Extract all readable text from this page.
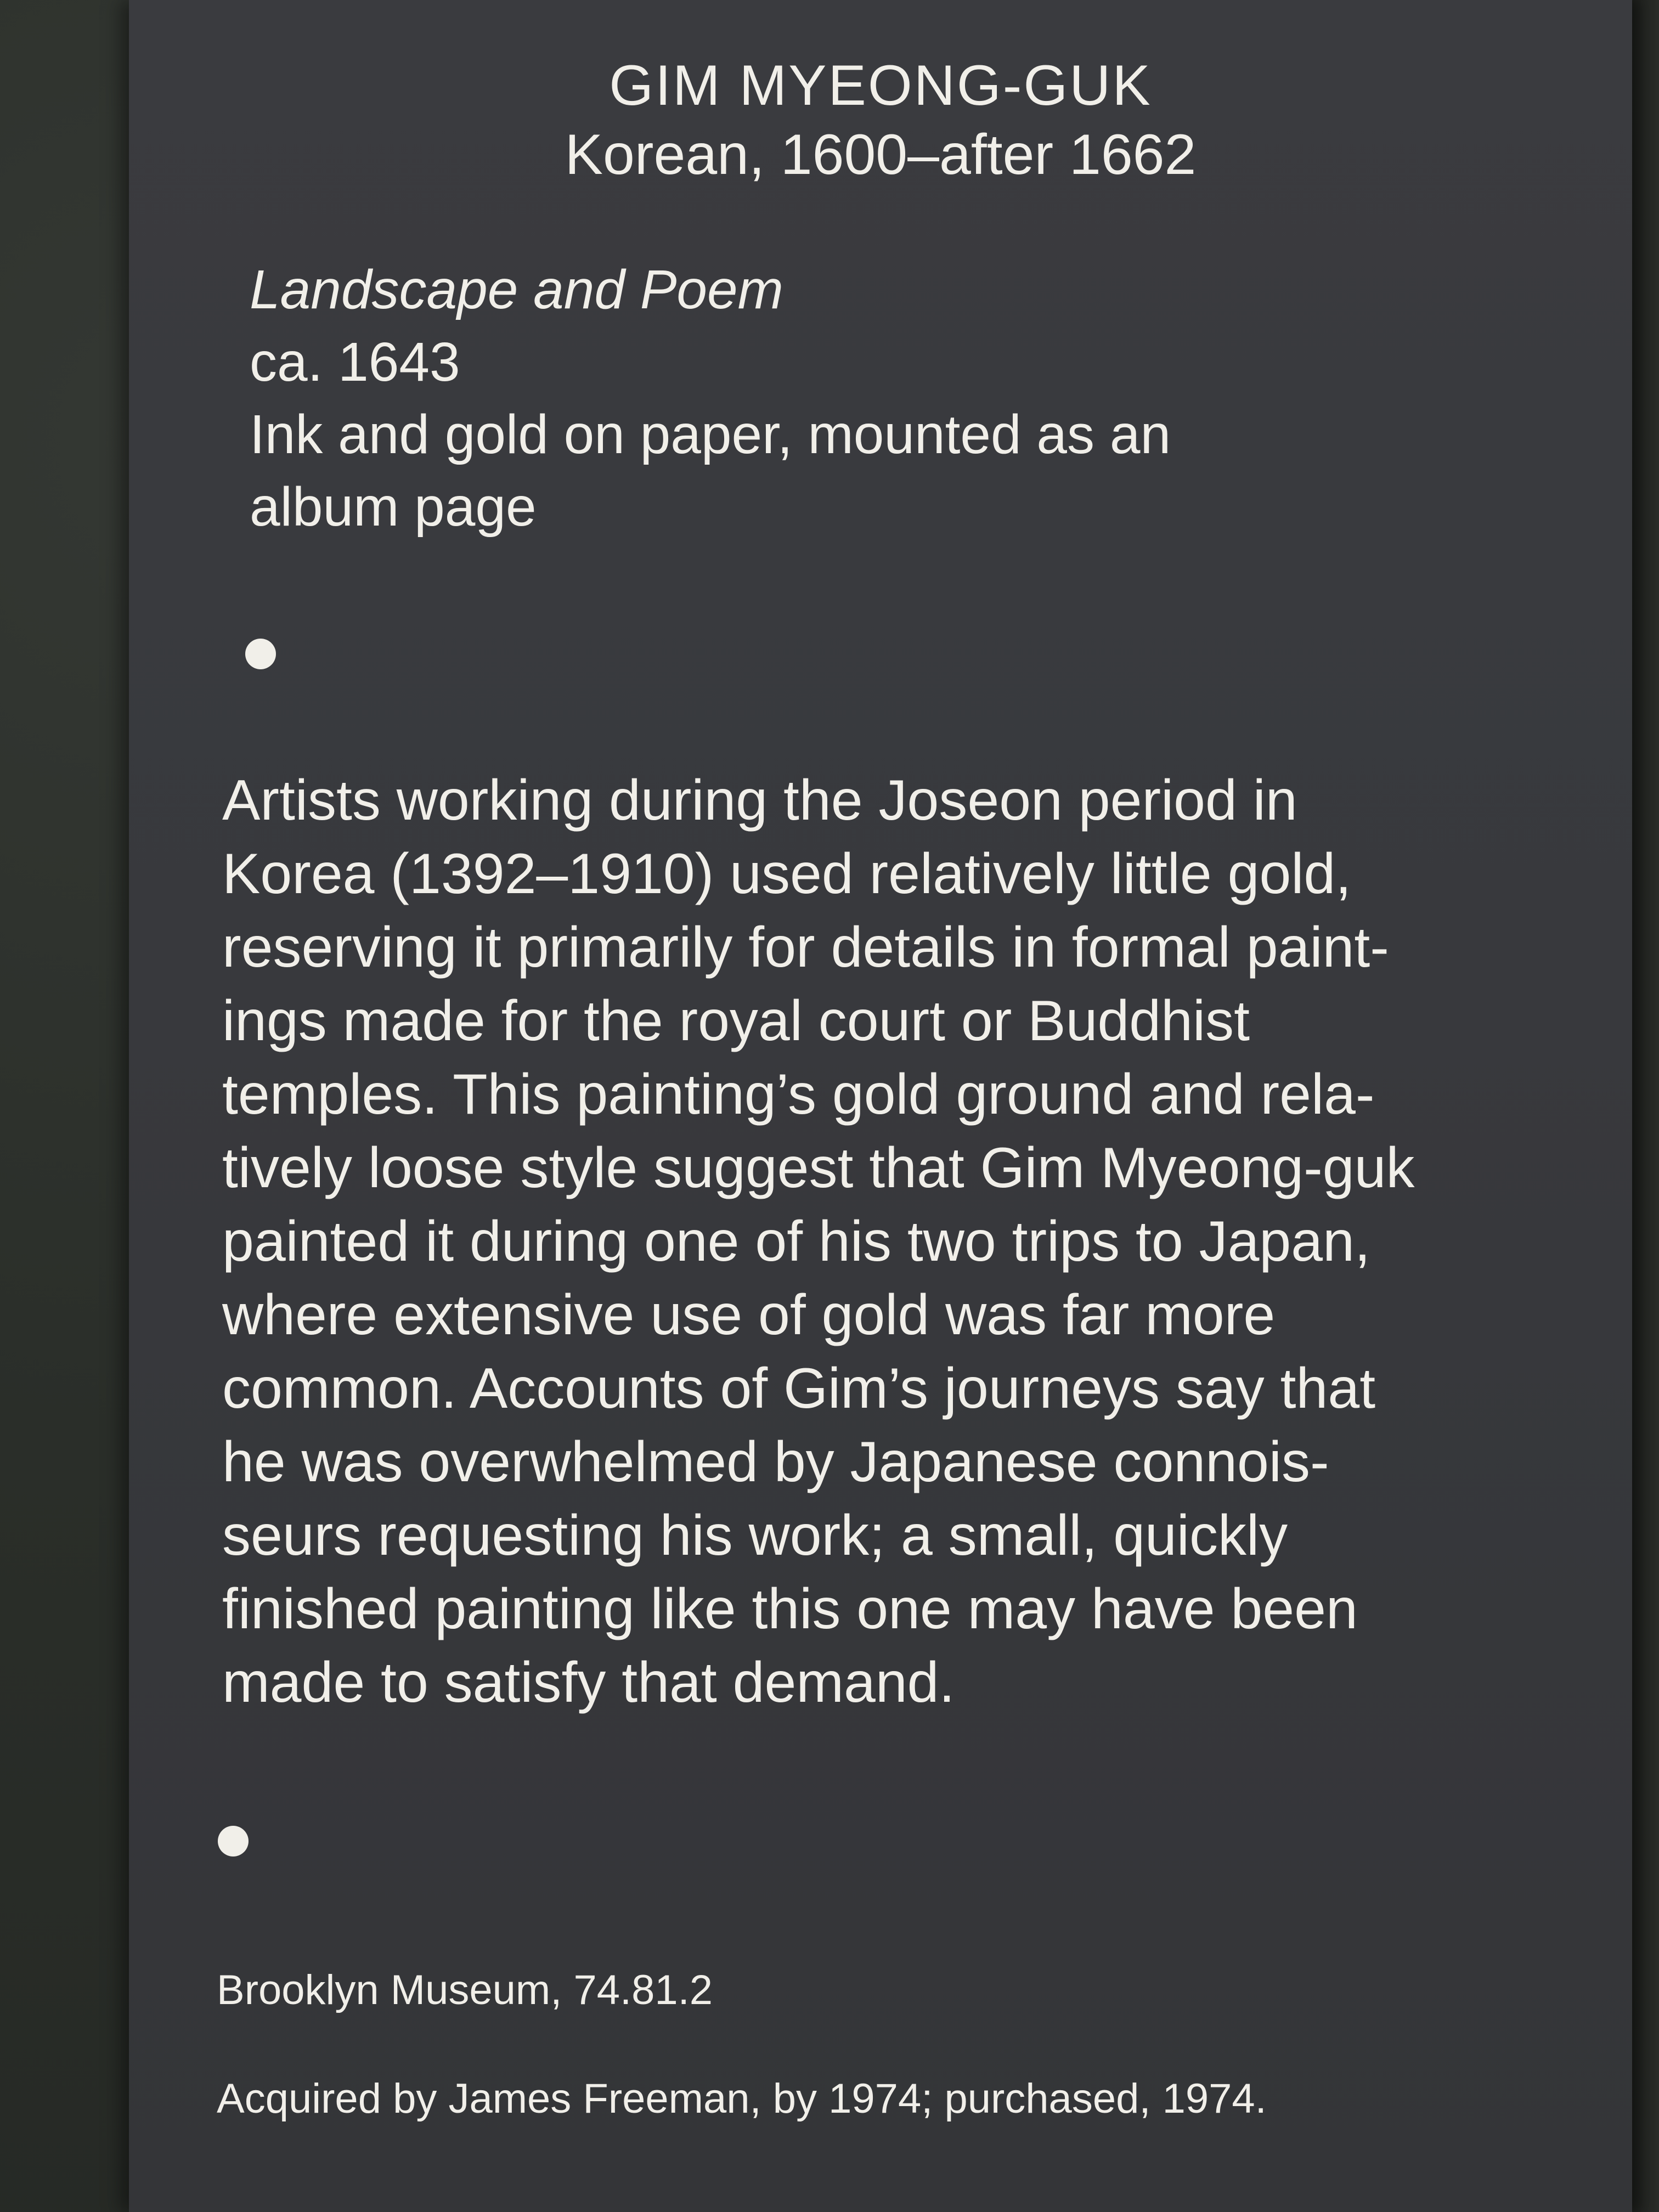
GIM MYEONG-GUK
Korean, 1600–after 1662
Landscape and Poem
ca. 1643
Ink and gold on paper, mounted as an
album page
Artists working during the Joseon period in
Korea (1392–1910) used relatively little gold,
reserving it primarily for details in formal paint-
ings made for the royal court or Buddhist
temples. This painting’s gold ground and rela-
tively loose style suggest that Gim Myeong-guk
painted it during one of his two trips to Japan,
where extensive use of gold was far more
common. Accounts of Gim’s journeys say that
he was overwhelmed by Japanese connois-
seurs requesting his work; a small, quickly
finished painting like this one may have been
made to satisfy that demand.
Brooklyn Museum, 74.81.2
Acquired by James Freeman, by 1974; purchased, 1974.
